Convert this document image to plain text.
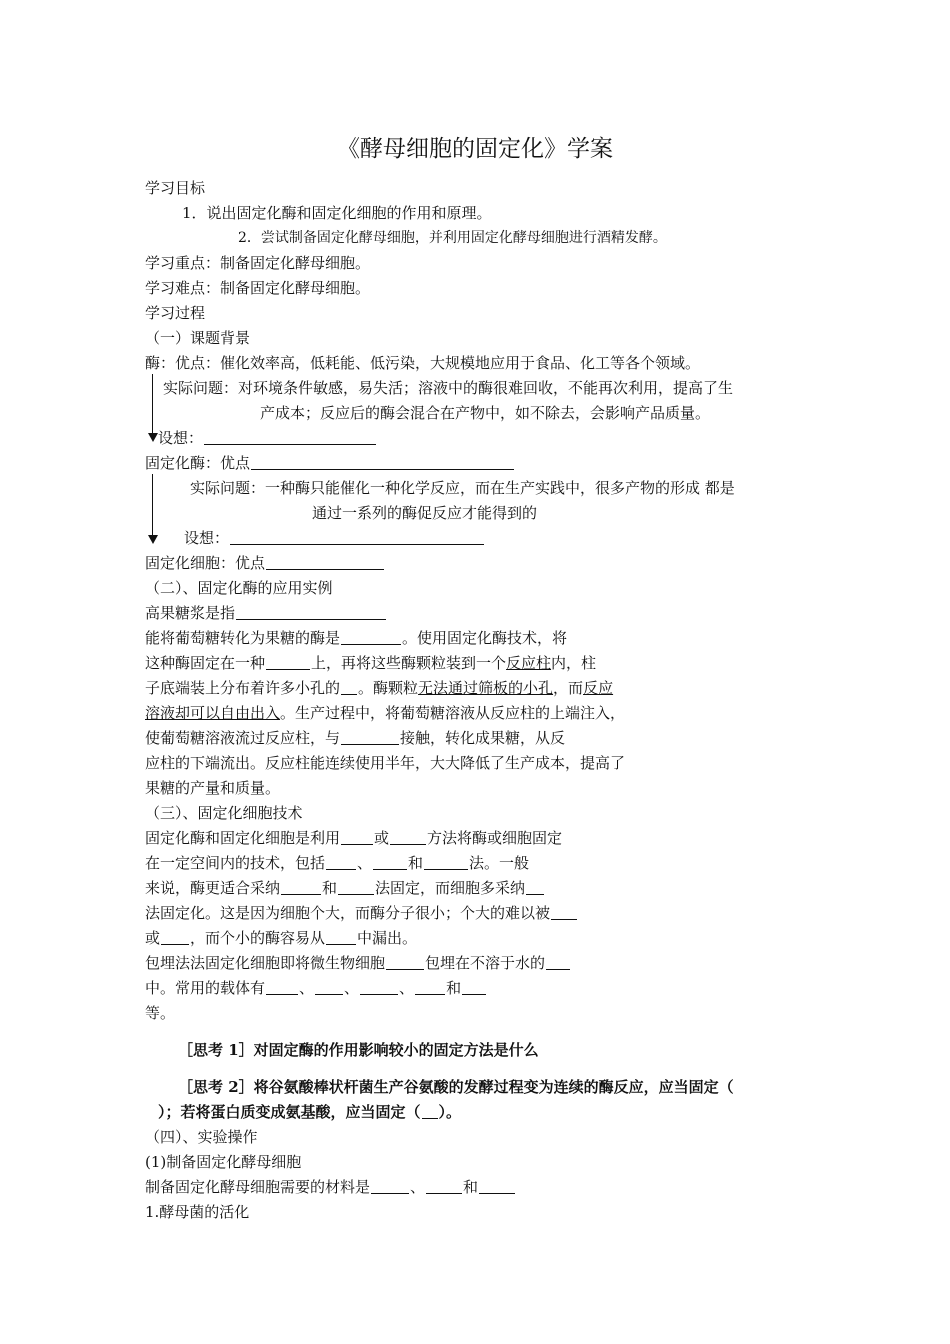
《酵母细胞的固定化》学案
学习目标
1．说出固定化酶和固定化细胞的作用和原理。
2．尝试制备固定化酵母细胞，并利用固定化酵母细胞进行酒精发酵。
学习重点：制备固定化酵母细胞。
学习难点：制备固定化酵母细胞。
学习过程
（一）课题背景
酶：优点：催化效率高，低耗能、低污染，大规模地应用于食品、化工等各个领域。
实际问题：对环境条件敏感，易失活；溶液中的酶很难回收，不能再次利用，提高了生
产成本；反应后的酶会混合在产物中，如不除去，会影响产品质量。
设想：
固定化酶：优点
实际问题：一种酶只能催化一种化学反应，而在生产实践中，很多产物的形成 都是
通过一系列的酶促反应才能得到的
设想：
固定化细胞：优点
（二）、固定化酶的应用实例
高果糖浆是指
能将葡萄糖转化为果糖的酶是	。使用固定化酶技术，将
这种酶固定在一种	上，再将这些酶颗粒装到一个反应柱内，柱
子底端装上分布着许多小孔的 。酶颗粒无法通过筛板的小孔，而反应
溶液却可以自由出入。生产过程中，将葡萄糖溶液从反应柱的上端注入，
使葡萄糖溶液流过反应柱，与	接触，转化成果糖，从反
应柱的下端流出。反应柱能连续使用半年，大大降低了生产成本，提高了
果糖的产量和质量。
（三）、固定化细胞技术
固定化酶和固定化细胞是利用 或	方法将酶或细胞固定
在一定空间内的技术，包括 、 和	法。一般
来说，酶更适合采纳	和	法固定，而细胞多采纳
法固定化。这是因为细胞个大，而酶分子很小；个大的难以被
或 ，而个小的酶容易从 中漏出。
包埋法法固定化细胞即将微生物细胞	包埋在不溶于水的
中。常用的载体有 、 、	、 和
等。
［思考 1］对固定酶的作用影响较小的固定方法是什么
［思考 2］将谷氨酸棒状杆菌生产谷氨酸的发酵过程变为连续的酶反应，应当固定（
）；若将蛋白质变成氨基酸，应当固定（ ）。
（四）、实验操作
(1)制备固定化酵母细胞
制备固定化酵母细胞需要的材料是	、	和
1.酵母菌的活化
